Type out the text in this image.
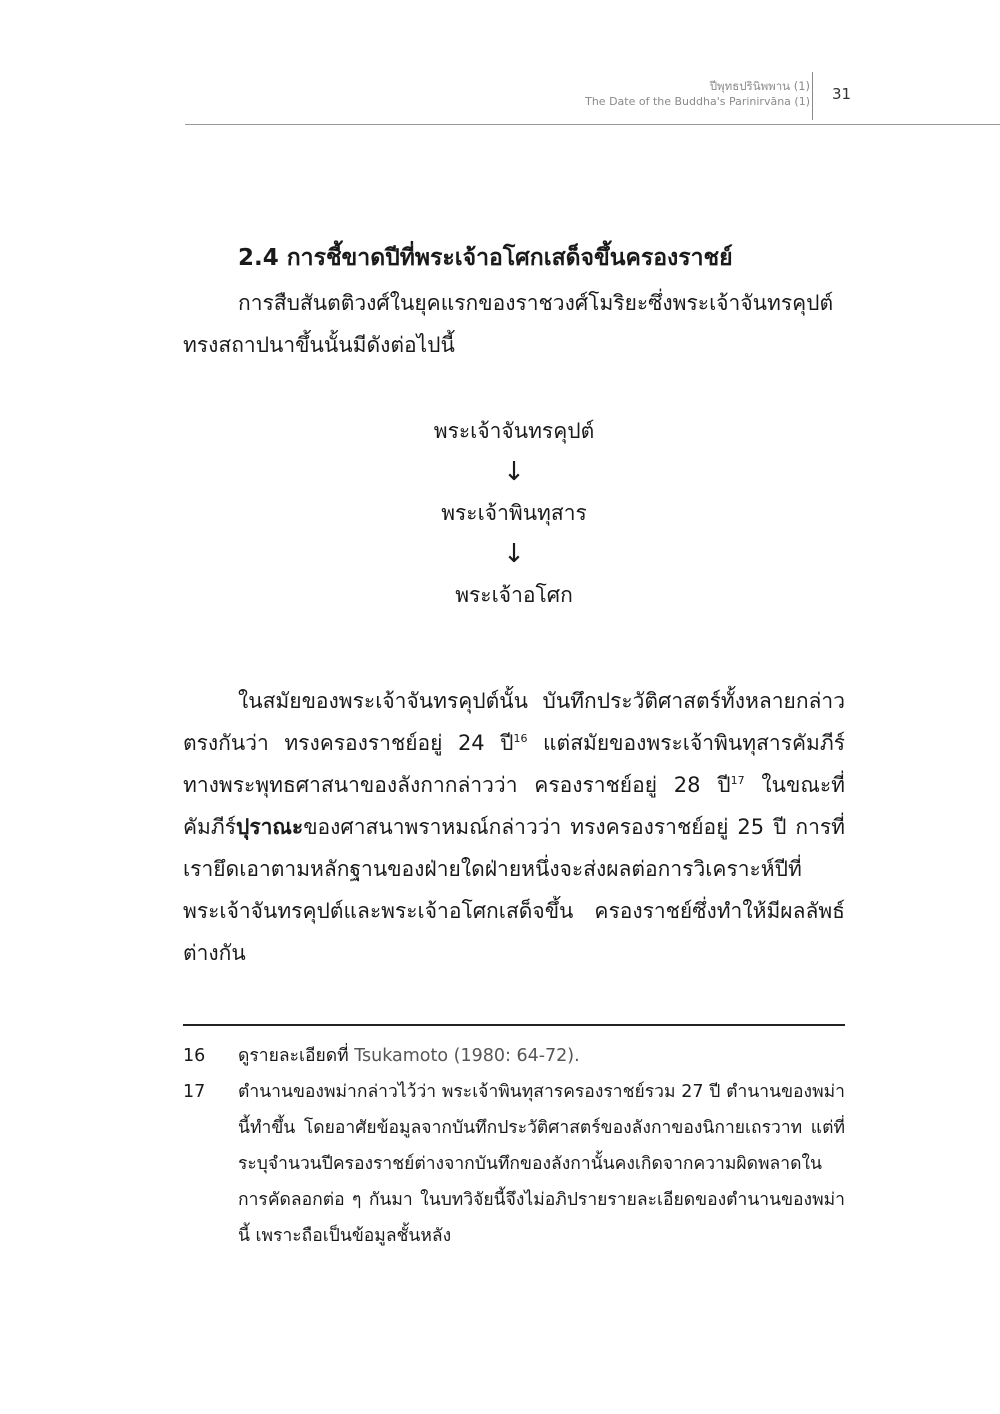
ปีพุทธปรินิพพาน (1)
The Date of the Buddha's Parinirvāna (1) 31
2.4 การชี้ขาดปีที่พระเจ้าอโศกเสด็จขึ้นครองราชย์

การสืบสันตติวงศ์ในยุคแรกของราชวงศ์โมริยะซึ่งพระเจ้าจันทรคุปต์ทรงสถาปนาขึ้นนั้นมีดังต่อไปนี้

พระเจ้าจันทรคุปต์
↓
พระเจ้าพินทุสาร
↓
พระเจ้าอโศก

ในสมัยของพระเจ้าจันทรคุปต์นั้น บันทึกประวัติศาสตร์ทั้งหลายกล่าวตรงกันว่า ทรงครองราชย์อยู่ 24 ปี$^{16}$ แต่สมัยของพระเจ้าพินทุสารคัมภีร์ทางพระพุทธศาสนาของลังกากล่าวว่า ครองราชย์อยู่ 28 ปี$^{17}$ ในขณะที่คัมภีร์ปุราณะของศาสนาพราหมณ์กล่าวว่า ทรงครองราชย์อยู่ 25 ปี การที่เรายึดเอาตามหลักฐานของฝ่ายใดฝ่ายหนึ่งจะส่งผลต่อการวิเคราะห์ปีที่พระเจ้าจันทรคุปต์และพระเจ้าอโศกเสด็จขึ้น ครองราชย์ซึ่งทำให้มีผลลัพธ์ต่างกัน

16	ดูรายละเอียดที่ Tsukamoto (1980: 64-72).
17	ตำนานของพม่ากล่าวไว้ว่า พระเจ้าพินทุสารครองราชย์รวม 27 ปี ตำนานของพม่านี้ทำขึ้น โดยอาศัยข้อมูลจากบันทึกประวัติศาสตร์ของลังกาของนิกายเถรวาท แต่ที่ระบุจำนวนปีครองราชย์ต่างจากบันทึกของลังกานั้นคงเกิดจากความผิดพลาดในการคัดลอกต่อ ๆ กันมา ในบทวิจัยนี้จึงไม่อภิปรายรายละเอียดของตำนานของพม่านี้ เพราะถือเป็นข้อมูลชั้นหลัง
